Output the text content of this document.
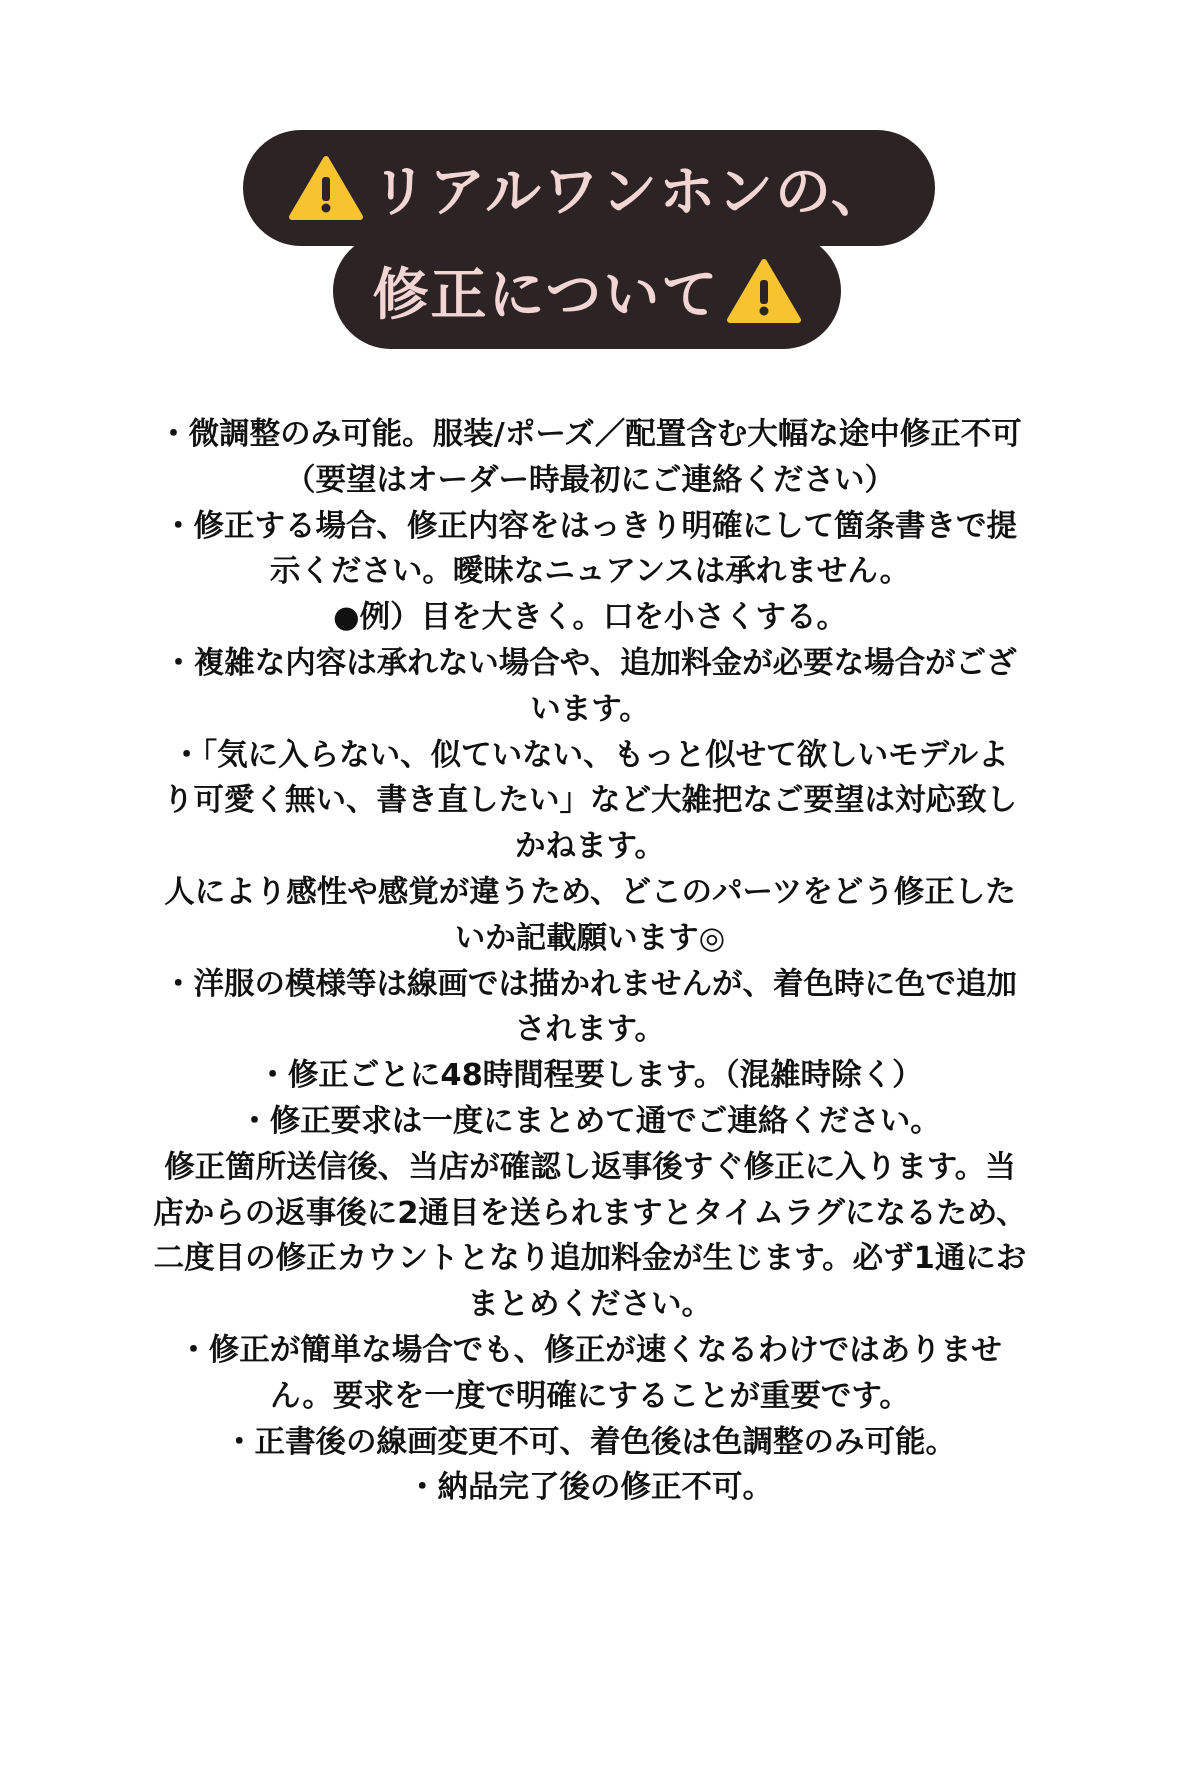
リアルワンホンの、
修正について
・微調整のみ可能。服装/ポーズ／配置含む大幅な途中修正不可
（要望はオーダー時最初にご連絡ください）
・修正する場合、修正内容をはっきり明確にして箇条書きで提
示ください。曖昧なニュアンスは承れません。
●例）目を大きく。口を小さくする。
・複雑な内容は承れない場合や、追加料金が必要な場合がござ
います。
・「気に入らない、似ていない、もっと似せて欲しいモデルよ
り可愛く無い、書き直したい」など大雑把なご要望は対応致し
かねます。
人により感性や感覚が違うため、どこのパーツをどう修正した
いか記載願います◎
・洋服の模様等は線画では描かれませんが、着色時に色で追加
されます。
・修正ごとに48時間程要します。（混雑時除く）
・修正要求は一度にまとめて通でご連絡ください。
修正箇所送信後、当店が確認し返事後すぐ修正に入ります。当
店からの返事後に2通目を送られますとタイムラグになるため、
二度目の修正カウントとなり追加料金が生じます。必ず1通にお
まとめください。
・修正が簡単な場合でも、修正が速くなるわけではありませ
ん。要求を一度で明確にすることが重要です。
・正書後の線画変更不可、着色後は色調整のみ可能。
・納品完了後の修正不可。
